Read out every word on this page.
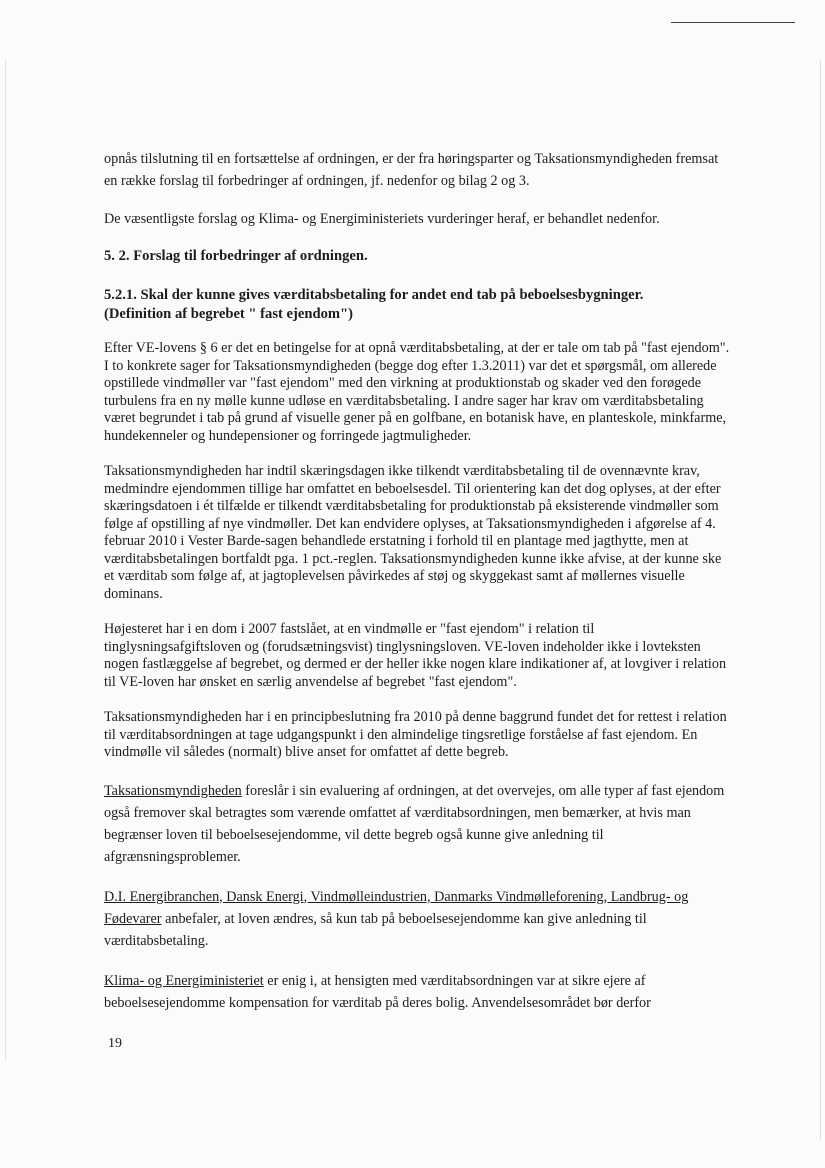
opnås tilslutning til en fortsættelse af ordningen, er der fra høringsparter og Taksationsmyndigheden fremsat en række forslag til forbedringer af ordningen, jf. nedenfor og bilag 2 og 3.

De væsentligste forslag og Klima- og Energiministeriets vurderinger heraf, er behandlet nedenfor.

5. 2. Forslag til forbedringer af ordningen.

5.2.1. Skal der kunne gives værditabsbetaling for andet end tab på beboelsesbygninger.

(Definition af begrebet " fast ejendom")

Efter VE-lovens § 6 er det en betingelse for at opnå værditabsbetaling, at der er tale om tab på "fast ejendom". I to konkrete sager for Taksationsmyndigheden (begge dog efter 1.3.2011) var det et spørgsmål, om allerede opstillede vindmøller var "fast ejendom" med den virkning at produktionstab og skader ved den forøgede turbulens fra en ny mølle kunne udløse en værditabsbetaling. I andre sager har krav om værditabsbetaling været begrundet i tab på grund af visuelle gener på en golfbane, en botanisk have, en planteskole, minkfarme, hundekenneler og hundepensioner og forringede jagtmuligheder.

Taksationsmyndigheden har indtil skæringsdagen ikke tilkendt værditabsbetaling til de ovennævnte krav, medmindre ejendommen tillige har omfattet en beboelsesdel. Til orientering kan det dog oplyses, at der efter skæringsdatoen i ét tilfælde er tilkendt værditabsbetaling for produktionstab på eksisterende vindmøller som følge af opstilling af nye vindmøller. Det kan endvidere oplyses, at Taksationsmyndigheden i afgørelse af 4. februar 2010 i Vester Barde-sagen behandlede erstatning i forhold til en plantage med jagthytte, men at værditabsbetalingen bortfaldt pga. 1 pct.-reglen. Taksationsmyndigheden kunne ikke afvise, at der kunne ske et værditab som følge af, at jagtoplevelsen påvirkedes af støj og skyggekast samt af møllernes visuelle dominans.

Højesteret har i en dom i 2007 fastslået, at en vindmølle er "fast ejendom" i relation til tinglysningsafgiftsloven og (forudsætningsvist) tinglysningsloven. VE-loven indeholder ikke i lovteksten nogen fastlæggelse af begrebet, og dermed er der heller ikke nogen klare indikationer af, at lovgiver i relation til VE-loven har ønsket en særlig anvendelse af begrebet "fast ejendom".

Taksationsmyndigheden har i en principbeslutning fra 2010 på denne baggrund fundet det for rettest i relation til værditabsordningen at tage udgangspunkt i den almindelige tingsretlige forståelse af fast ejendom. En vindmølle vil således (normalt) blive anset for omfattet af dette begreb.

Taksationsmyndigheden foreslår i sin evaluering af ordningen, at det overvejes, om alle typer af fast ejendom også fremover skal betragtes som værende omfattet af værditabsordningen, men bemærker, at hvis man begrænser loven til beboelsesejendomme, vil dette begreb også kunne give anledning til afgrænsningsproblemer.

D.I. Energibranchen, Dansk Energi, Vindmølleindustrien, Danmarks Vindmølleforening, Landbrug- og Fødevarer anbefaler, at loven ændres, så kun tab på beboelsesejendomme kan give anledning til værditabsbetaling.

Klima- og Energiministeriet er enig i, at hensigten med værditabsordningen var at sikre ejere af beboelsesejendomme kompensation for værditab på deres bolig. Anvendelsesområdet bør derfor

19
